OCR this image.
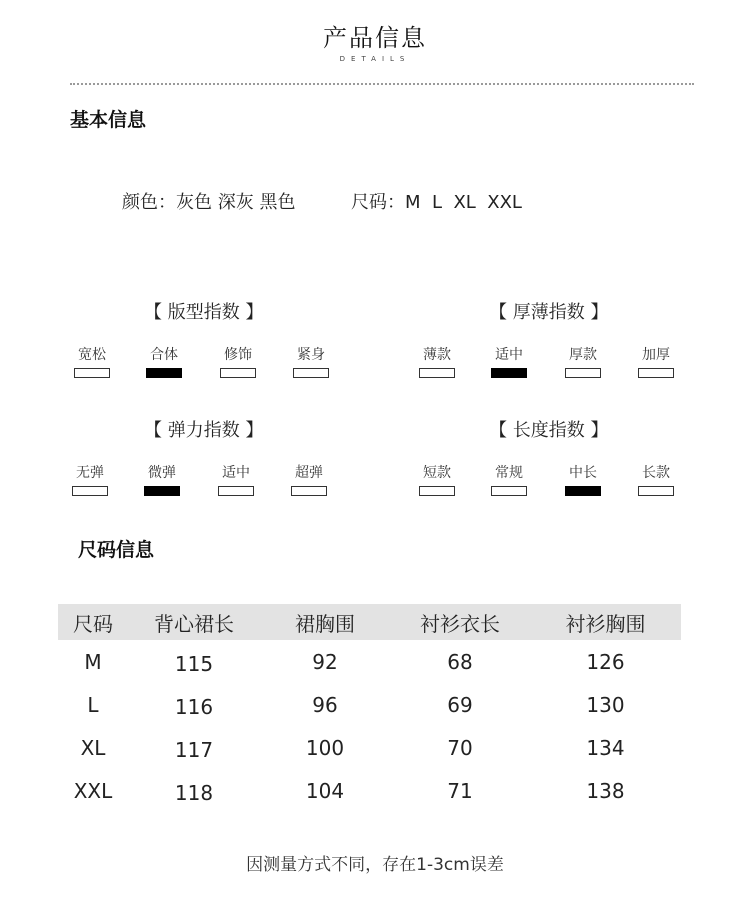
产品信息
DETAILS
基本信息
颜色：灰色 深灰 黑色	尺码：M  L  XL  XXL
【 版型指数 】
宽松	合体	修饰	紧身
【 厚薄指数 】
薄款	适中	厚款	加厚
【 弹力指数 】
无弹	微弹	适中	超弹
【 长度指数 】
短款	常规	中长	长款
尺码信息
尺码	背心裙长	裙胸围	衬衫衣长	衬衫胸围
M	115	92	68	126
L	116	96	69	130
XL	117	100	70	134
XXL	118	104	71	138
因测量方式不同，存在1-3cm误差
